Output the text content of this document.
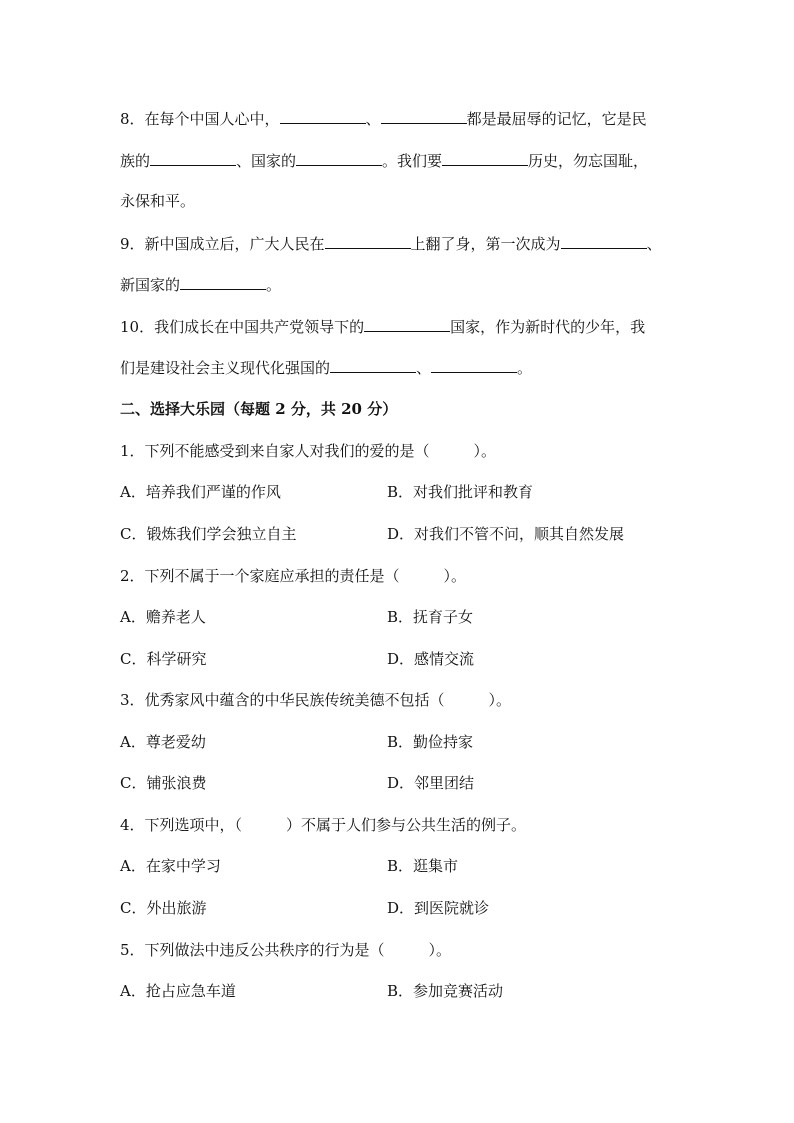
8．在每个中国人心中，	、	都是最屈辱的记忆，它是民
族的	、国家的	。我们要	历史，勿忘国耻，
永保和平。
9．新中国成立后，广大人民在	上翻了身，第一次成为	、
新国家的	。
10．我们成长在中国共产党领导下的	国家，作为新时代的少年，我
们是建设社会主义现代化强国的	、	。
二、选择大乐园（每题 2 分，共 20 分）
1．下列不能感受到来自家人对我们的爱的是（	）。
A．培养我们严谨的作风	B．对我们批评和教育
C．锻炼我们学会独立自主	D．对我们不管不问，顺其自然发展
2．下列不属于一个家庭应承担的责任是（	）。
A．赡养老人	B．抚育子女
C．科学研究	D．感情交流
3．优秀家风中蕴含的中华民族传统美德不包括（	）。
A．尊老爱幼	B．勤俭持家
C．铺张浪费	D．邻里团结
4．下列选项中，（	）不属于人们参与公共生活的例子。
A．在家中学习	B．逛集市
C．外出旅游	D．到医院就诊
5．下列做法中违反公共秩序的行为是（	）。
A．抢占应急车道	B．参加竞赛活动
